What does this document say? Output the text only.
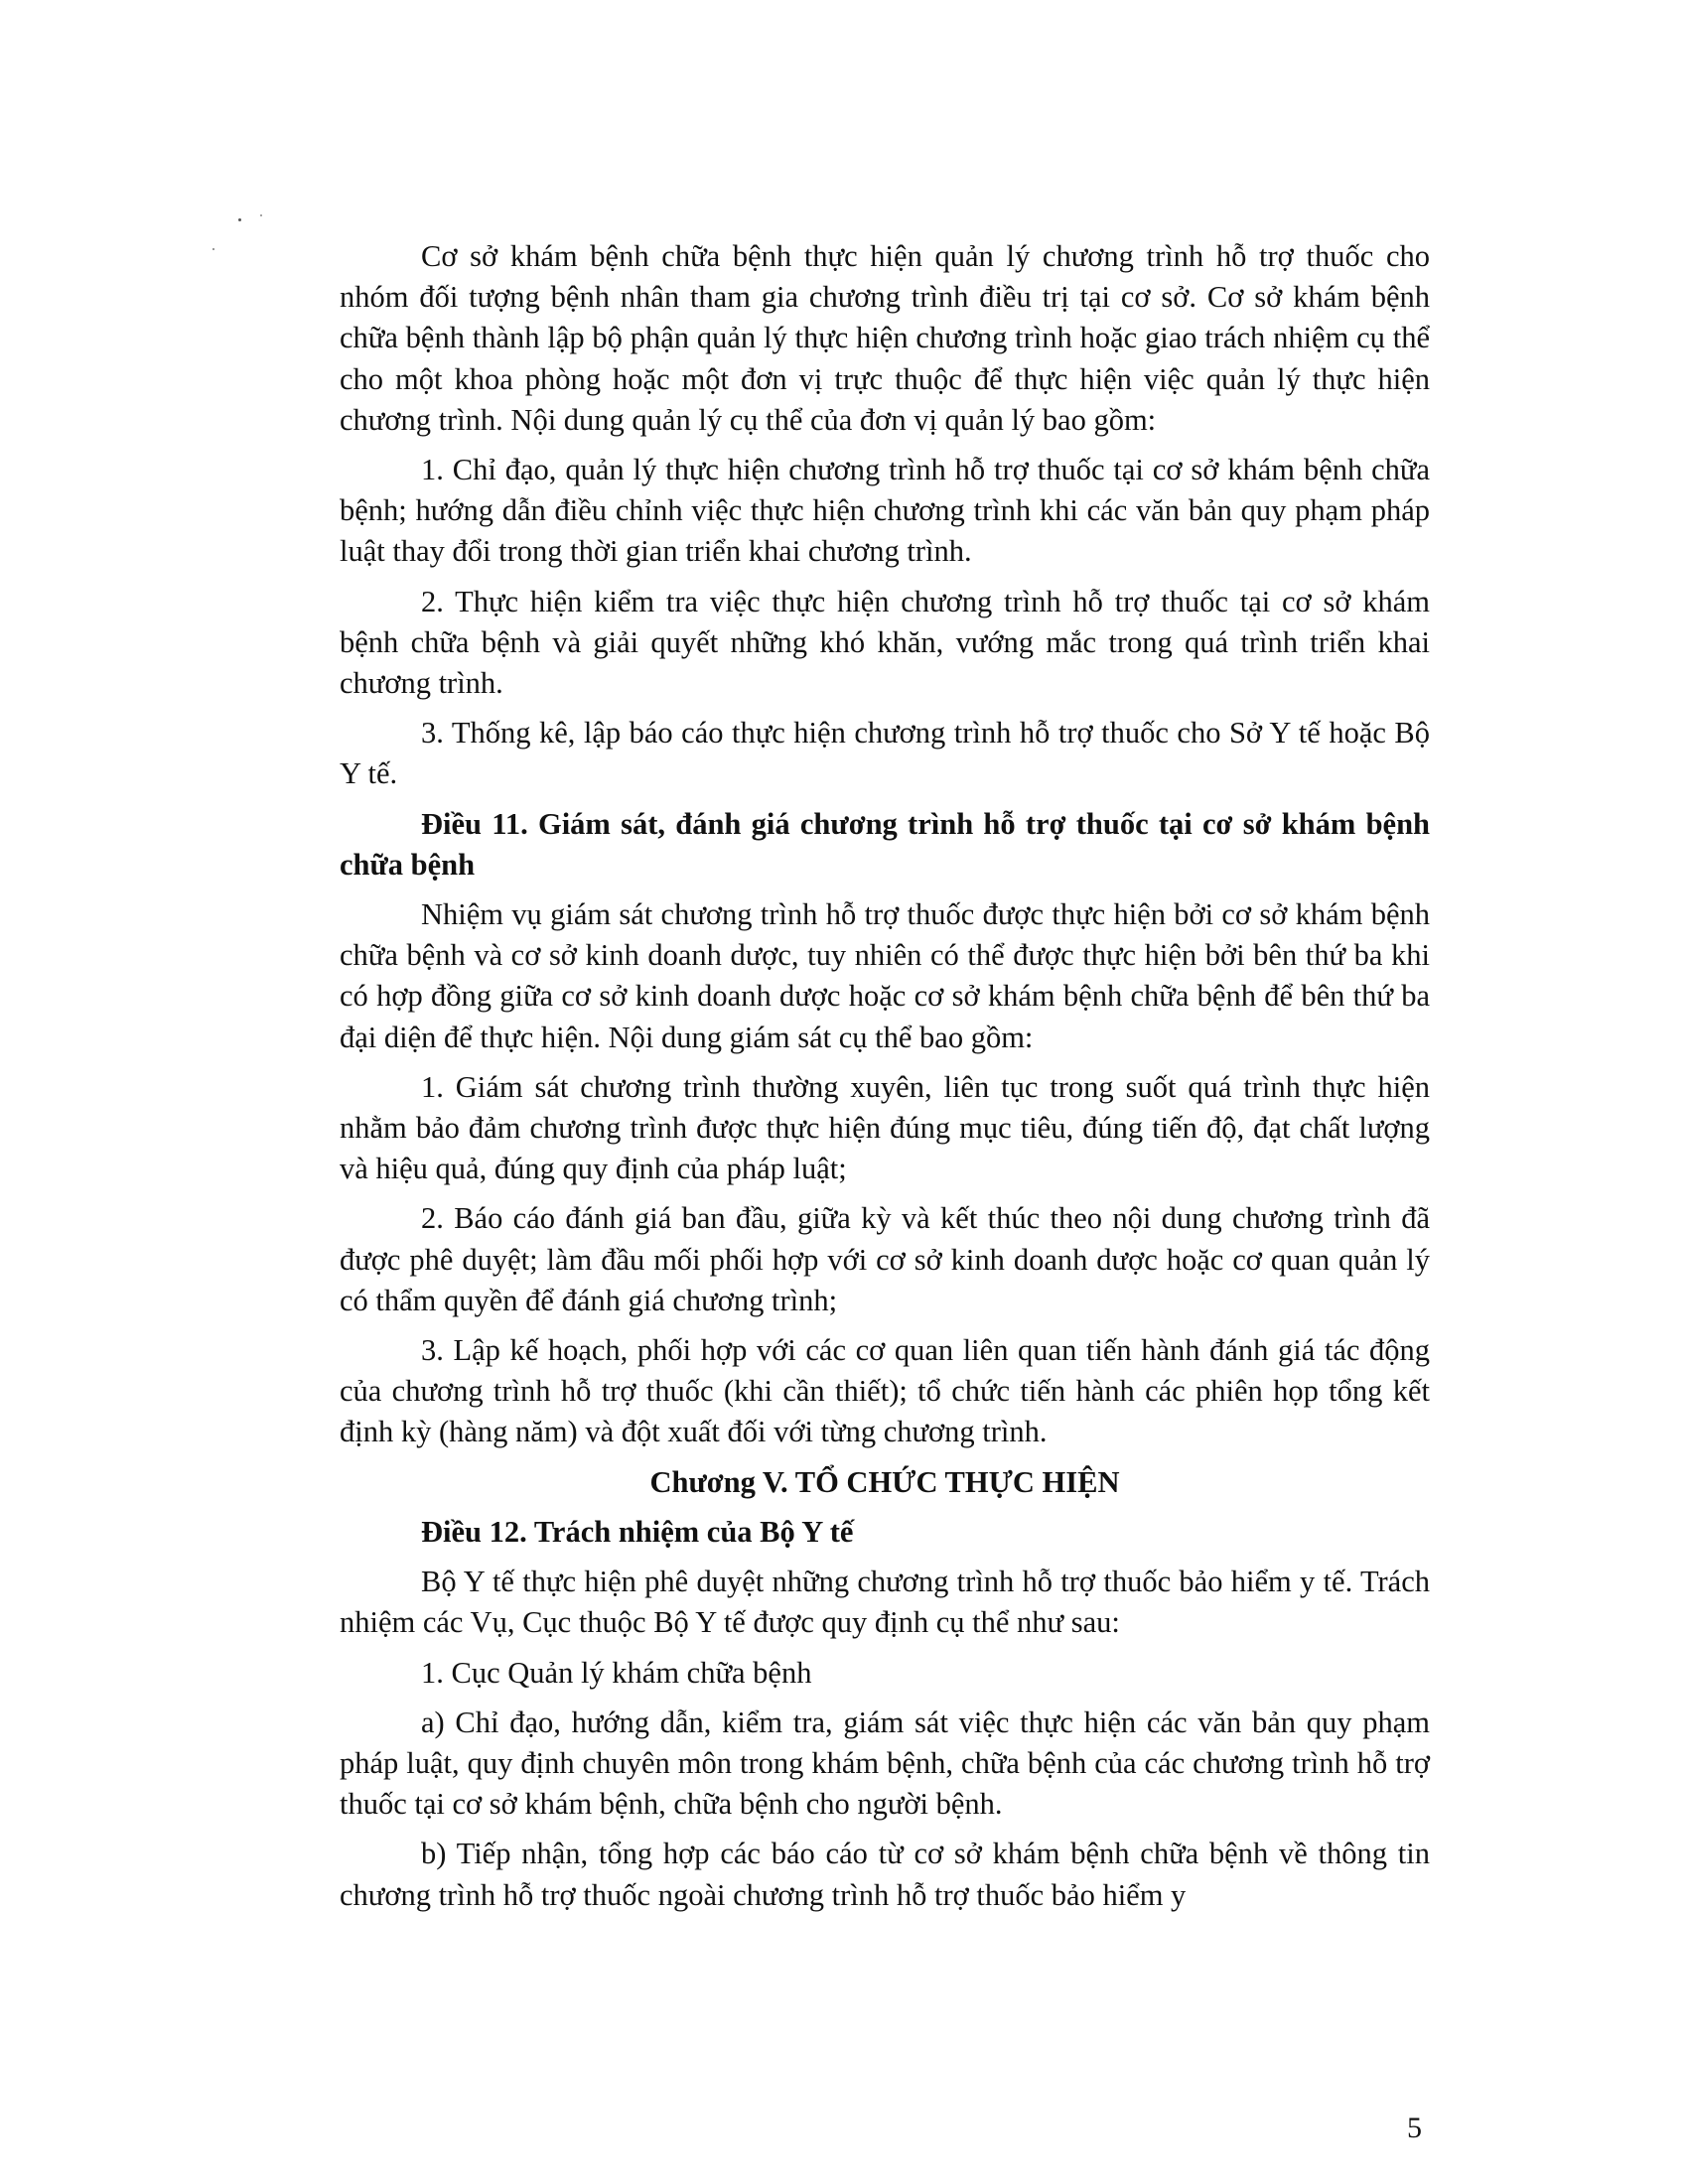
Cơ sở khám bệnh chữa bệnh thực hiện quản lý chương trình hỗ trợ thuốc cho nhóm đối tượng bệnh nhân tham gia chương trình điều trị tại cơ sở. Cơ sở khám bệnh chữa bệnh thành lập bộ phận quản lý thực hiện chương trình hoặc giao trách nhiệm cụ thể cho một khoa phòng hoặc một đơn vị trực thuộc để thực hiện việc quản lý thực hiện chương trình. Nội dung quản lý cụ thể của đơn vị quản lý bao gồm:

1. Chỉ đạo, quản lý thực hiện chương trình hỗ trợ thuốc tại cơ sở khám bệnh chữa bệnh; hướng dẫn điều chỉnh việc thực hiện chương trình khi các văn bản quy phạm pháp luật thay đổi trong thời gian triển khai chương trình.

2. Thực hiện kiểm tra việc thực hiện chương trình hỗ trợ thuốc tại cơ sở khám bệnh chữa bệnh và giải quyết những khó khăn, vướng mắc trong quá trình triển khai chương trình.

3. Thống kê, lập báo cáo thực hiện chương trình hỗ trợ thuốc cho Sở Y tế hoặc Bộ Y tế.

Điều 11. Giám sát, đánh giá chương trình hỗ trợ thuốc tại cơ sở khám bệnh chữa bệnh

Nhiệm vụ giám sát chương trình hỗ trợ thuốc được thực hiện bởi cơ sở khám bệnh chữa bệnh và cơ sở kinh doanh dược, tuy nhiên có thể được thực hiện bởi bên thứ ba khi có hợp đồng giữa cơ sở kinh doanh dược hoặc cơ sở khám bệnh chữa bệnh để bên thứ ba đại diện để thực hiện. Nội dung giám sát cụ thể bao gồm:

1. Giám sát chương trình thường xuyên, liên tục trong suốt quá trình thực hiện nhằm bảo đảm chương trình được thực hiện đúng mục tiêu, đúng tiến độ, đạt chất lượng và hiệu quả, đúng quy định của pháp luật;

2. Báo cáo đánh giá ban đầu, giữa kỳ và kết thúc theo nội dung chương trình đã được phê duyệt; làm đầu mối phối hợp với cơ sở kinh doanh dược hoặc cơ quan quản lý có thẩm quyền để đánh giá chương trình;

3. Lập kế hoạch, phối hợp với các cơ quan liên quan tiến hành đánh giá tác động của chương trình hỗ trợ thuốc (khi cần thiết); tổ chức tiến hành các phiên họp tổng kết định kỳ (hàng năm) và đột xuất đối với từng chương trình.

Chương V. TỔ CHỨC THỰC HIỆN

Điều 12. Trách nhiệm của Bộ Y tế

Bộ Y tế thực hiện phê duyệt những chương trình hỗ trợ thuốc bảo hiểm y tế. Trách nhiệm các Vụ, Cục thuộc Bộ Y tế được quy định cụ thể như sau:

1. Cục Quản lý khám chữa bệnh

a) Chỉ đạo, hướng dẫn, kiểm tra, giám sát việc thực hiện các văn bản quy phạm pháp luật, quy định chuyên môn trong khám bệnh, chữa bệnh của các chương trình hỗ trợ thuốc tại cơ sở khám bệnh, chữa bệnh cho người bệnh.

b) Tiếp nhận, tổng hợp các báo cáo từ cơ sở khám bệnh chữa bệnh về thông tin chương trình hỗ trợ thuốc ngoài chương trình hỗ trợ thuốc bảo hiểm y

5
